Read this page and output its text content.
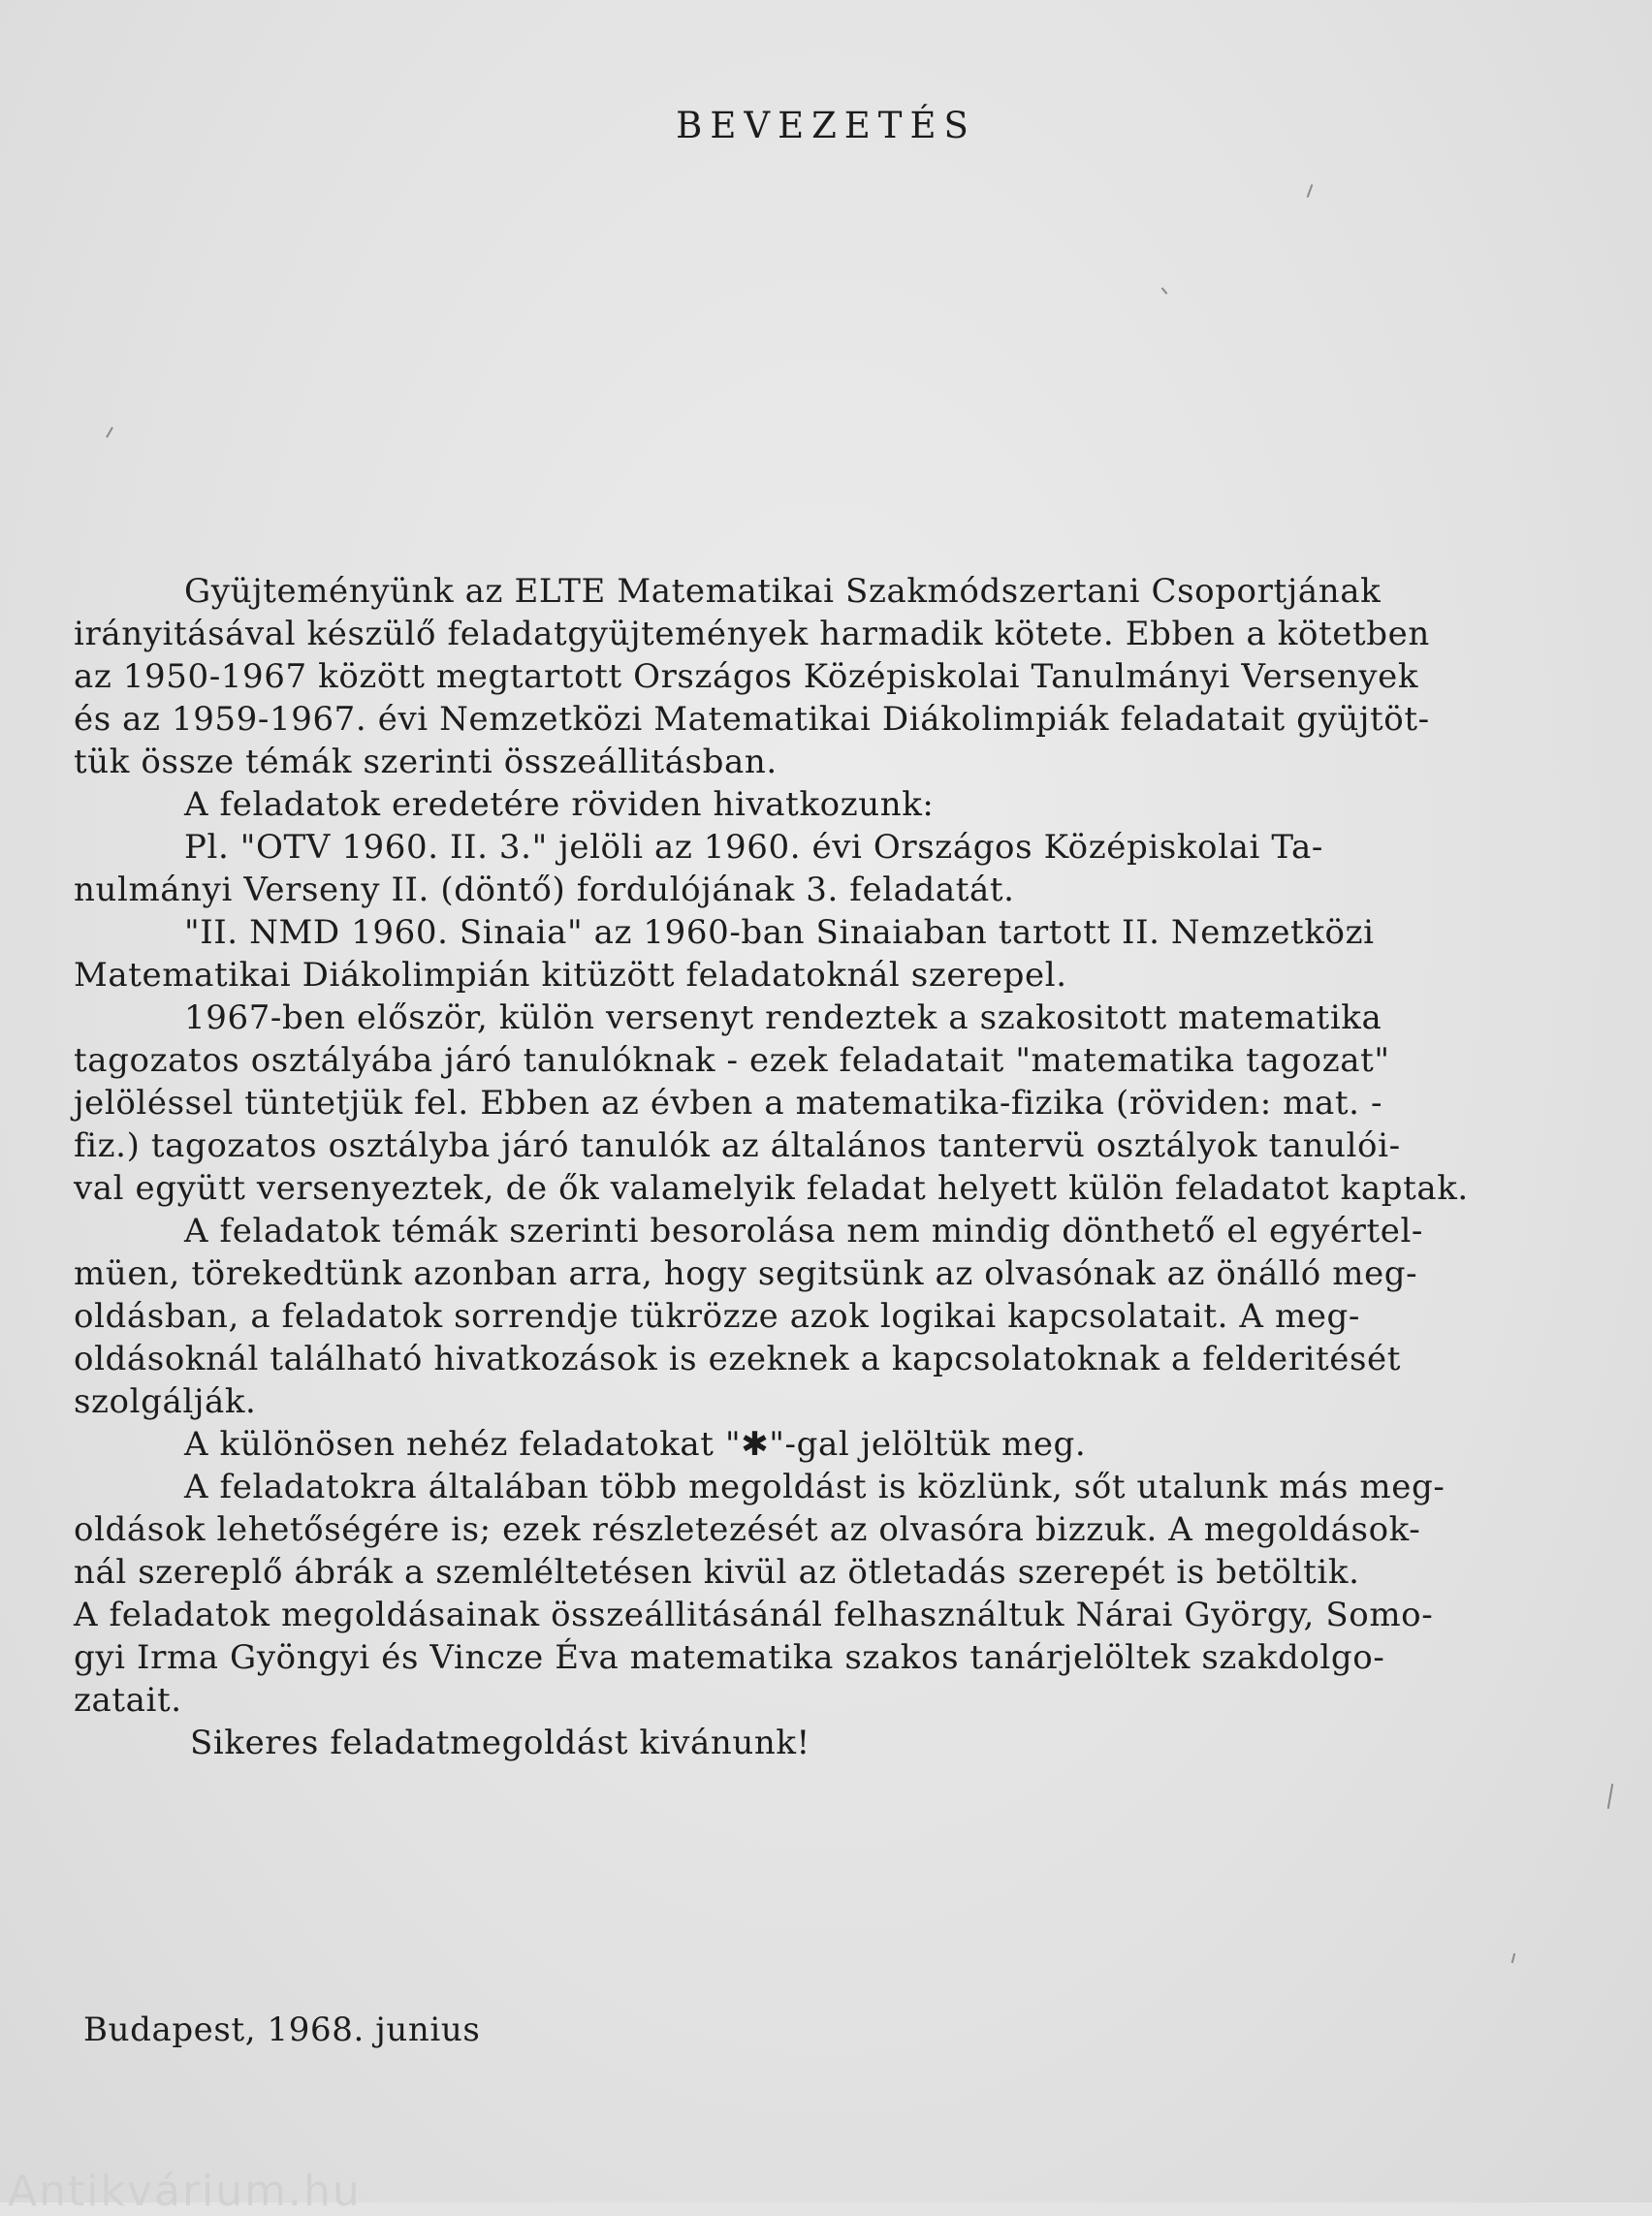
BEVEZETÉS
Gyüjteményünk az ELTE Matematikai Szakmódszertani Csoportjának
irányitásával készülő feladatgyüjtemények harmadik kötete. Ebben a kötetben
az 1950-1967 között megtartott Országos Középiskolai Tanulmányi Versenyek
és az 1959-1967. évi Nemzetközi Matematikai Diákolimpiák feladatait gyüjtöt-
tük össze témák szerinti összeállitásban.
A feladatok eredetére röviden hivatkozunk:
Pl. "OTV 1960. II. 3." jelöli az 1960. évi Országos Középiskolai Ta-
nulmányi Verseny II. (döntő) fordulójának 3. feladatát.
"II. NMD 1960. Sinaia" az 1960-ban Sinaiaban tartott II. Nemzetközi
Matematikai Diákolimpián kitüzött feladatoknál szerepel.
1967-ben először, külön versenyt rendeztek a szakositott matematika
tagozatos osztályába járó tanulóknak - ezek feladatait "matematika tagozat"
jelöléssel tüntetjük fel. Ebben az évben a matematika-fizika (röviden: mat. -
fiz.) tagozatos osztályba járó tanulók az általános tantervü osztályok tanulói-
val együtt versenyeztek, de ők valamelyik feladat helyett külön feladatot kaptak.
A feladatok témák szerinti besorolása nem mindig dönthető el egyértel-
müen, törekedtünk azonban arra, hogy segitsünk az olvasónak az önálló meg-
oldásban, a feladatok sorrendje tükrözze azok logikai kapcsolatait. A meg-
oldásoknál található hivatkozások is ezeknek a kapcsolatoknak a felderitését
szolgálják.
A különösen nehéz feladatokat "✱"-gal jelöltük meg.
A feladatokra általában több megoldást is közlünk, sőt utalunk más meg-
oldások lehetőségére is; ezek részletezését az olvasóra bizzuk. A megoldások-
nál szereplő ábrák a szemléltetésen kivül az ötletadás szerepét is betöltik.
A feladatok megoldásainak összeállitásánál felhasználtuk Nárai György, Somo-
gyi Irma Gyöngyi és Vincze Éva matematika szakos tanárjelöltek szakdolgo-
zatait.
Sikeres feladatmegoldást kivánunk!
Budapest, 1968. junius
Antikvárium.hu
